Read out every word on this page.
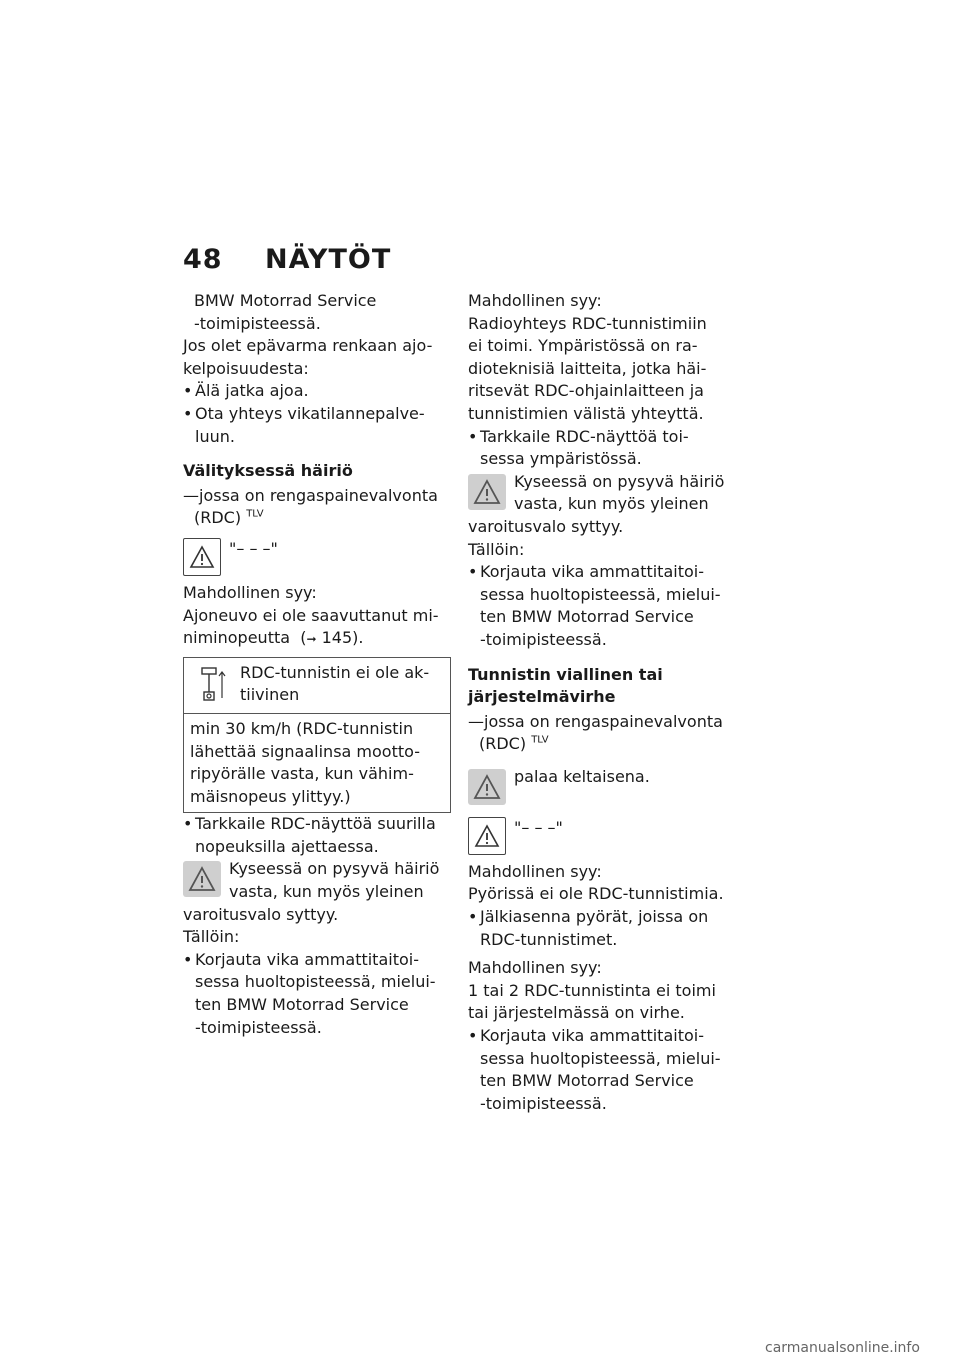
48 NÄYTÖT

BMW Motorrad Service

-toimipisteessä.

Jos olet epävarma renkaan ajo-

kelpoisuudesta:

• Älä jatka ajoa.

• Ota yhteys vikatilannepalve-
luun.

Välityksessä häiriö

—jossa on rengaspainevalvonta

(RDC) $^{TLV}$

"– – –"

Mahdollinen syy:

Ajoneuvo ei ole saavuttanut mi-

niminopeutta  (➞ 145).

RDC-tunnistin ei ole ak-

tiivinen

min 30 km/h (RDC-tunnistin

lähettää signaalinsa mootto-

ripyörälle vasta, kun vähim-

mäisnopeus ylittyy.)

• Tarkkaile RDC-näyttöä suurilla
nopeuksilla ajettaessa.

Kyseessä on pysyvä häiriö

vasta, kun myös yleinen

varoitusvalo syttyy.

Tällöin:

• Korjauta vika ammattitaitoi-
sessa huoltopisteessä, mielui-
ten BMW Motorrad Service
-toimipisteessä.

Mahdollinen syy:

Radioyhteys RDC-tunnistimiin

ei toimi. Ympäristössä on ra-

dioteknisiä laitteita, jotka häi-

ritsevät RDC-ohjainlaitteen ja

tunnistimien välistä yhteyttä.

• Tarkkaile RDC-näyttöä toi-
sessa ympäristössä.

Kyseessä on pysyvä häiriö

vasta, kun myös yleinen

varoitusvalo syttyy.

Tällöin:

• Korjauta vika ammattitaitoi-
sessa huoltopisteessä, mielui-
ten BMW Motorrad Service
-toimipisteessä.

Tunnistin viallinen tai
järjestelmävirhe

—jossa on rengaspainevalvonta

(RDC) $^{TLV}$

palaa keltaisena.
"– – –"

Mahdollinen syy:

Pyörissä ei ole RDC-tunnistimia.

• Jälkiasenna pyörät, joissa on
RDC-tunnistimet.

Mahdollinen syy:

1 tai 2 RDC-tunnistinta ei toimi

tai järjestelmässä on virhe.

• Korjauta vika ammattitaitoi-
sessa huoltopisteessä, mielui-
ten BMW Motorrad Service
-toimipisteessä.

carmanualsonline.info
